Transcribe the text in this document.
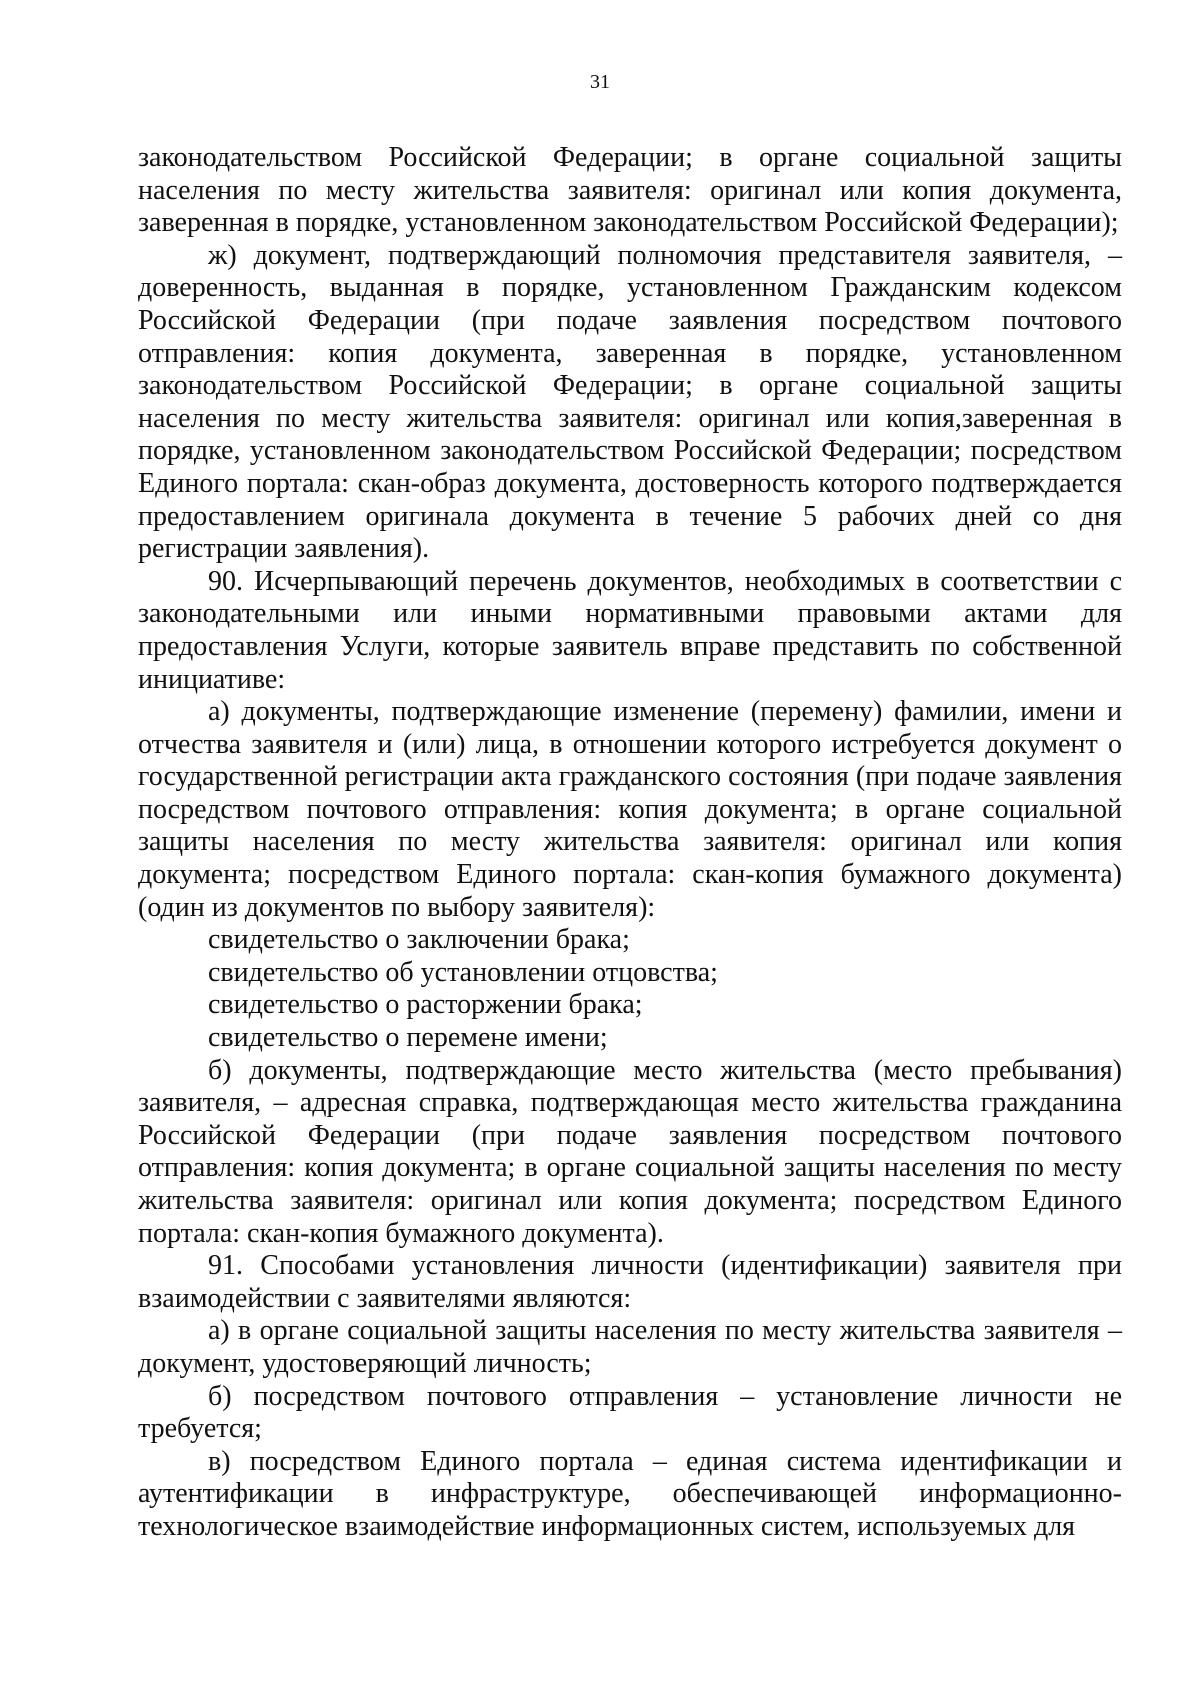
31

законодательством Российской Федерации; в органе социальной защиты населения по месту жительства заявителя: оригинал или копия документа, заверенная в порядке, установленном законодательством Российской Федерации);

ж) документ, подтверждающий полномочия представителя заявителя, – доверенность, выданная в порядке, установленном Гражданским кодексом Российской Федерации (при подаче заявления посредством почтового отправления: копия документа, заверенная в порядке, установленном законодательством Российской Федерации; в органе социальной защиты населения по месту жительства заявителя: оригинал или копия,заверенная в порядке, установленном законодательством Российской Федерации; посредством Единого портала: скан-образ документа, достоверность которого подтверждается предоставлением оригинала документа в течение 5 рабочих дней со дня регистрации заявления).

90. Исчерпывающий перечень документов, необходимых в соответствии с законодательными или иными нормативными правовыми актами для предоставления Услуги, которые заявитель вправе представить по собственной инициативе:

а) документы, подтверждающие изменение (перемену) фамилии, имени и отчества заявителя и (или) лица, в отношении которого истребуется документ о государственной регистрации акта гражданского состояния (при подаче заявления посредством почтового отправления: копия документа; в органе социальной защиты населения по месту жительства заявителя: оригинал или копия документа; посредством Единого портала: скан-копия бумажного документа) (один из документов по выбору заявителя):

свидетельство о заключении брака;

свидетельство об установлении отцовства;

свидетельство о расторжении брака;

свидетельство о перемене имени;

б) документы, подтверждающие место жительства (место пребывания) заявителя, – адресная справка, подтверждающая место жительства гражданина Российской Федерации (при подаче заявления посредством почтового отправления: копия документа; в органе социальной защиты населения по месту жительства заявителя: оригинал или копия документа; посредством Единого портала: скан-копия бумажного документа).

91. Способами установления личности (идентификации) заявителя при взаимодействии с заявителями являются:

а) в органе социальной защиты населения по месту жительства заявителя – документ, удостоверяющий личность;

б) посредством почтового отправления – установление личности не требуется;

в) посредством Единого портала – единая система идентификации и аутентификации в инфраструктуре, обеспечивающей информационно-технологическое взаимодействие информационных систем, используемых для
